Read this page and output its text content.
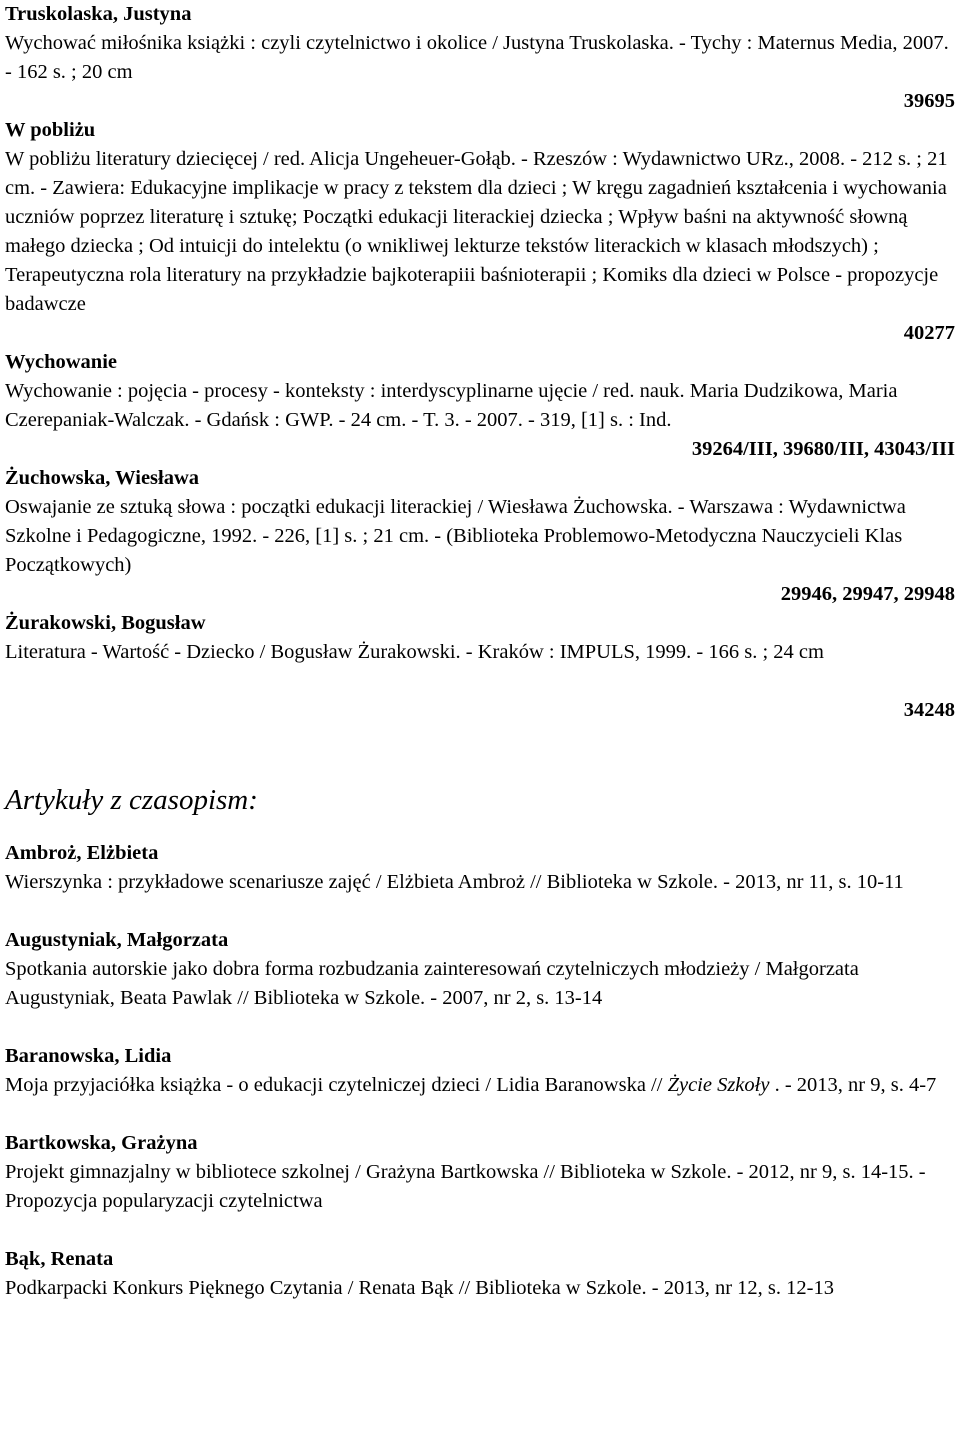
Truskolaska, Justyna
Wychować miłośnika książki : czyli czytelnictwo i okolice / Justyna Truskolaska. - Tychy : Maternus Media, 2007. - 162 s. ; 20 cm
39695
W pobliżu
W pobliżu literatury dziecięcej / red. Alicja Ungeheuer-Gołąb. - Rzeszów : Wydawnictwo URz., 2008. - 212 s. ; 21 cm. - Zawiera: Edukacyjne implikacje w pracy z tekstem dla dzieci ; W kręgu zagadnień kształcenia i wychowania uczniów poprzez literaturę i sztukę; Początki edukacji literackiej dziecka ; Wpływ baśni na aktywność słowną małego dziecka ; Od intuicji do intelektu (o wnikliwej lekturze tekstów literackich w klasach młodszych) ; Terapeutyczna rola literatury na przykładzie bajkoterapiii baśnioterapii ; Komiks dla dzieci w Polsce - propozycje badawcze
40277
Wychowanie
Wychowanie : pojęcia - procesy - konteksty : interdyscyplinarne ujęcie / red. nauk. Maria Dudzikowa, Maria Czerepaniak-Walczak. - Gdańsk : GWP. - 24 cm. - T. 3. - 2007. - 319, [1] s. : Ind.
39264/III, 39680/III, 43043/III
Żuchowska, Wiesława
Oswajanie ze sztuką słowa : początki edukacji literackiej / Wiesława Żuchowska. - Warszawa : Wydawnictwa Szkolne i Pedagogiczne, 1992. - 226, [1] s. ; 21 cm. - (Biblioteka Problemowo-Metodyczna Nauczycieli Klas Początkowych)
29946, 29947, 29948
Żurakowski, Bogusław
Literatura - Wartość - Dziecko / Bogusław Żurakowski. - Kraków : IMPULS, 1999. - 166 s. ; 24 cm
34248
Artykuły z czasopism:
Ambroż, Elżbieta
Wierszynka : przykładowe scenariusze zajęć / Elżbieta Ambroż // Biblioteka w Szkole. - 2013, nr 11, s. 10-11
Augustyniak, Małgorzata
Spotkania autorskie jako dobra forma rozbudzania zainteresowań czytelniczych młodzieży / Małgorzata Augustyniak, Beata Pawlak // Biblioteka w Szkole. - 2007, nr 2, s. 13-14
Baranowska, Lidia
Moja przyjaciółka książka - o edukacji czytelniczej dzieci / Lidia Baranowska // Życie Szkoły . - 2013, nr 9, s. 4-7
Bartkowska, Grażyna
Projekt gimnazjalny w bibliotece szkolnej / Grażyna Bartkowska // Biblioteka w Szkole. - 2012, nr 9, s. 14-15. - Propozycja popularyzacji czytelnictwa
Bąk, Renata
Podkarpacki Konkurs Pięknego Czytania / Renata Bąk // Biblioteka w Szkole. - 2013, nr 12, s. 12-13
